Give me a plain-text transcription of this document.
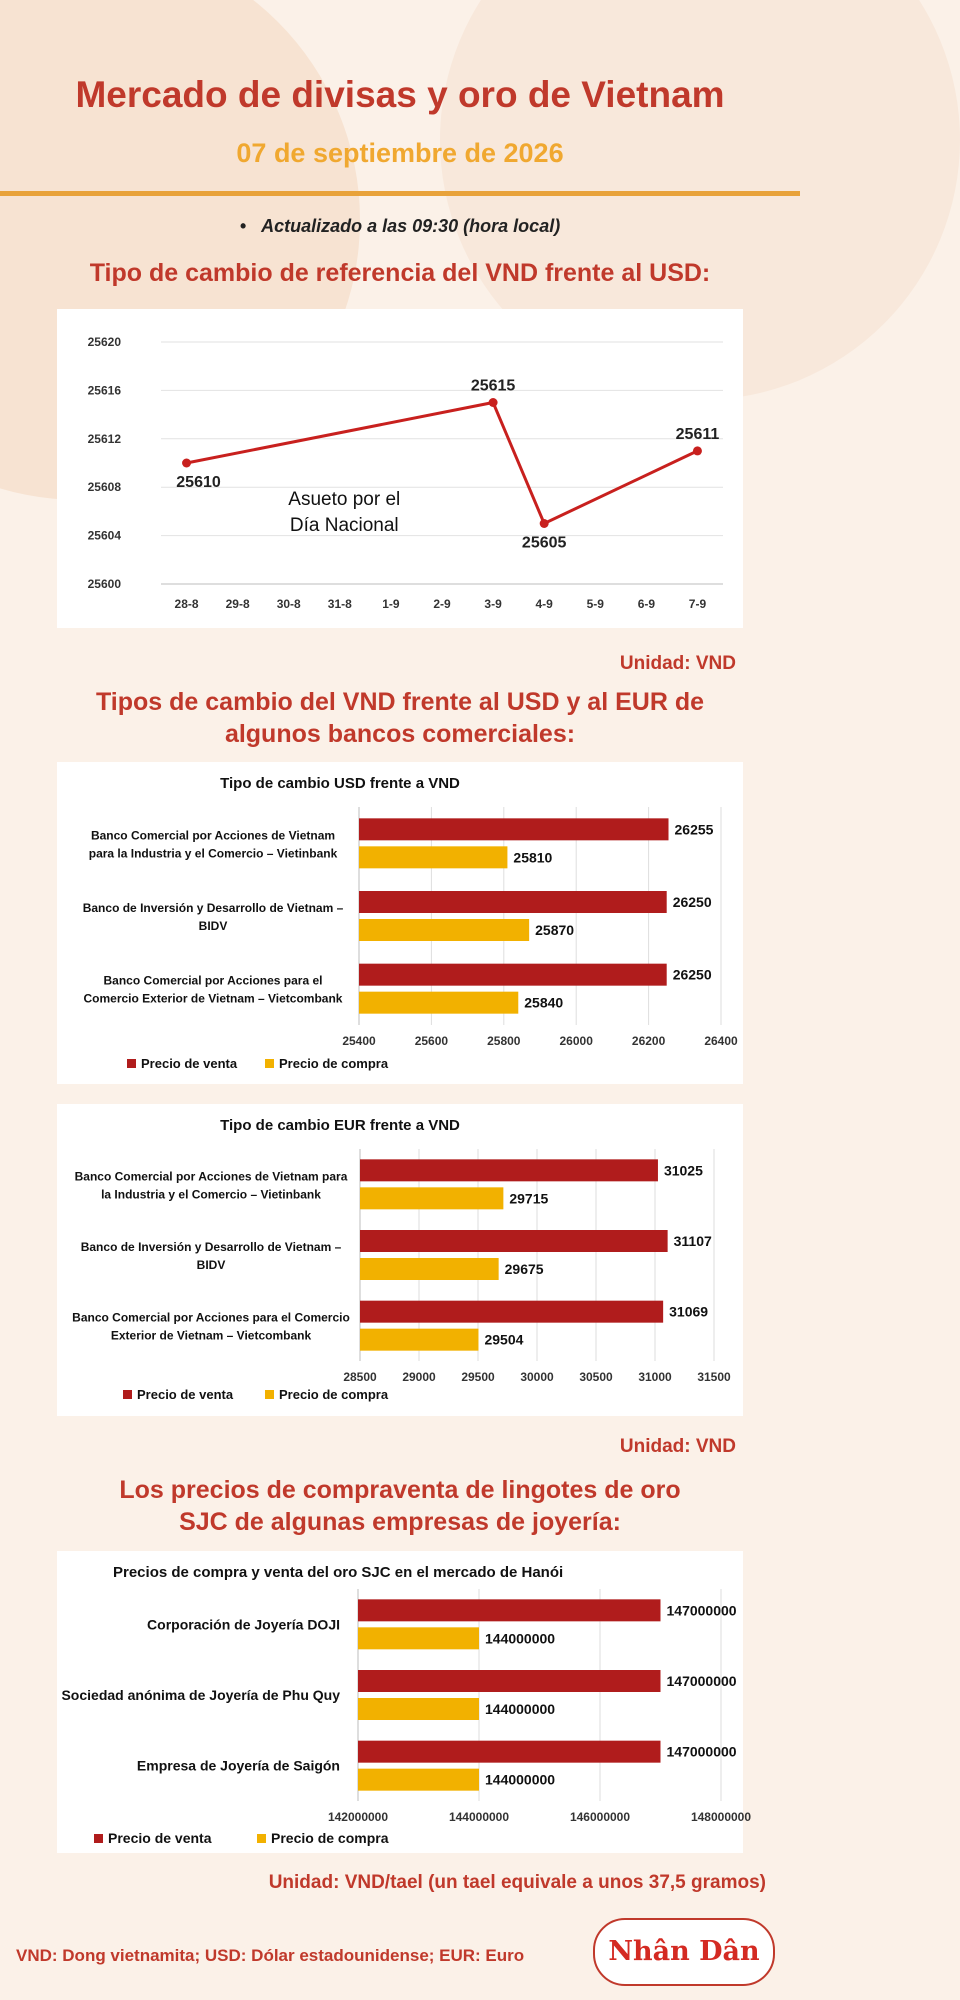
Mercado de divisas y oro de Vietnam
07 de septiembre de 2026
•   Actualizado a las 09:30 (hora local)
Tipo de cambio de referencia del VND frente al USD:
25600
25604
25608
25612
25616
25620
28-8 29-8 30-8 31-8	1-9	2-9	3-9	4-9	5-9	6-9	7-9
25610
25615
25605
25611
Asueto por el
Día Nacional
Unidad: VND
Tipos de cambio del VND frente al USD y al EUR de
algunos bancos comerciales:
Tipo de cambio USD frente a VND
25400	25600	25800	26000	26200	26400
Banco Comercial por Acciones de Vietnam
para la Industria y el Comercio – Vietinbank
26255
25810
Banco de Inversión y Desarrollo de Vietnam –
BIDV
26250
25870
Banco Comercial por Acciones para el
Comercio Exterior de Vietnam – Vietcombank
26250
25840
Precio de venta	Precio de compra
Tipo de cambio EUR frente a VND
28500 29000 29500 30000 30500 31000 31500
Banco Comercial por Acciones de Vietnam para
la Industria y el Comercio – Vietinbank
31025
29715
Banco de Inversión y Desarrollo de Vietnam –
BIDV
31107
29675
Banco Comercial por Acciones para el Comercio
Exterior de Vietnam – Vietcombank
31069
29504
Precio de venta	Precio de compra
Unidad: VND
Los precios de compraventa de lingotes de oro
SJC de algunas empresas de joyería:
Precios de compra y venta del oro SJC en el mercado de Hanói
142000000	144000000	146000000	148000000
Corporación de Joyería DOJI
147000000
144000000
Sociedad anónima de Joyería de Phu Quy
147000000
144000000
Empresa de Joyería de Saigón
147000000
144000000
Precio de venta	Precio de compra
Unidad: VND/tael (un tael equivale a unos 37,5 gramos)
VND: Dong vietnamita; USD: Dólar estadounidense; EUR: Euro	Nhân Dân
